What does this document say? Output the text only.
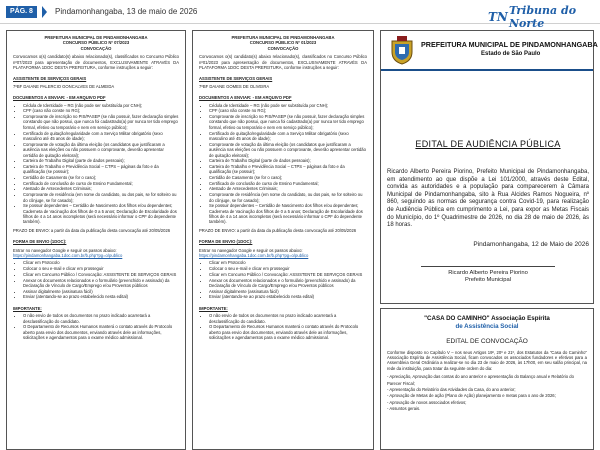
PÁG. 8	Pindamonhangaba, 13 de maio de 2026	TN Tribuna do Norte
PREFEITURA MUNICIPAL DE PINDAMONHANGABA
CONCURSO PÚBLICO Nº 07/2023
CONVOCAÇÃO
Convocamos o(s) candidato(s) abaixo relacionado(s), classificados no Concurso Público nº07/2023 para apresentação de documentos, EXCLUSIVAMENTE ATRAVÉS DA PLATAFORMA 1DOC DESTA PREFEITURA, conforme instruções a seguir:
ASSISTENTE DE SERVIÇOS GERAIS
7ºBF DAIANE PALERCIO GONCALVES DE ALMEIDA
DOCUMENTOS A ENVIAR: - EM ARQUIVO PDF
• Cédula de Identidade – RG (não pode ser substituída por CNH);
• CPF (caso não conste no RG);
• Comprovante de inscrição no PIS/PASEP (se não possuir, fazer declaração simples constando que não possui, que nunca foi cadastrado(a) por nunca ter tido emprego formal, efetivo ou temporário e nem em serviço público);
• Certificado de quitação/regularidade com a Serviço Militar obrigatório (sexo masculino até 45 anos de idade);
• Comprovante de votação da última eleição (os candidatos que justificaram a ausência nas eleições ou não possuem o comprovante, deverão apresentar certidão de quitação eleitoral);
• Carteira de Trabalho Digital (parte de dados pessoais);
• Carteira de Trabalho e Previdência Social – CTPS – páginas da foto e da qualificação (se possuir);
• Certidão de Casamento (se for o caso);
• Certificado de conclusão de curso de Ensino Fundamental;
• Atestado de Antecedentes Criminais;
• Comprovante de residência (em nome do candidato, ou dos pais, se for solteiro ou do cônjuge, se for casado);
• Se possuir dependentes – Certidão de Nascimento dos filhos e/ou dependentes; Caderneta de Vacinação dos filhos de 0 a 5 anos; Declaração de Escolaridade dos filhos de 4 a 14 anos incompletos (será necessário informar o CPF do dependente também).
PRAZO DE ENVIO: a partir da data da publicação desta convocação até 20/05/2026
FORMA DE ENVIO (1DOC):
Entrar no navegador Google e seguir os passos abaixo:
https://pindamonhangaba.1doc.com.br/b.php?pg=o/publico
• Clicar em Protocolo
• Colocar o seu e-mail e clicar em prosseguir
• Clicar em Concurso Público / Convocação: ASSISTENTE DE SERVIÇOS GERAIS
• Anexar os documentos relacionados e o formulário (preenchido e assinado) da Declaração de Vínculo de Cargo/Emprego e/ou Proventos públicos
• Assinar digitalmente (assinatura fácil)
• Enviar (atentando-se ao prazo estabelecido nesta edital)
IMPORTANTE:
• O não envio de todos os documentos no prazo indicado acarretará a desclassificação do candidato.
• O Departamento de Recursos Humanos manterá o contato através do Protocolo aberto para envio dos documentos, enviando através dele as informações, solicitações e agendamentos para o exame médico admissional.
PREFEITURA MUNICIPAL DE PINDAMONHANGABA
CONCURSO PÚBLICO Nº 01/2023
CONVOCAÇÃO
Convocamos o(s) candidato(s) abaixo relacionado(s), classificados no Concurso Público nº01/2023 para apresentação de documentos, EXCLUSIVAMENTE ATRAVÉS DA PLATAFORMA 1DOC DESTA PREFEITURA, conforme instruções a seguir:
ASSISTENTE DE SERVIÇOS GERAIS
7ºBF DAIANE GOMES DE OLIVEIRA
DOCUMENTOS A ENVIAR: - EM ARQUIVO PDF
• Cédula de Identidade – RG (não pode ser substituída por CNH);
• CPF (caso não conste no RG);
• Comprovante de inscrição no PIS/PASEP (se não possuir, fazer declaração simples constando que não possui, que nunca foi cadastrado(a) por nunca ter tido emprego formal, efetivo ou temporário e nem em serviço público);
• Certificado de quitação/regularidade com a Serviço Militar obrigatório (sexo masculino até 45 anos de idade);
• Comprovante de votação da última eleição (os candidatos que justificaram a ausência nas eleições ou não possuem o comprovante, deverão apresentar certidão de quitação eleitoral);
• Carteira de Trabalho Digital (parte de dados pessoais);
• Carteira de Trabalho e Previdência Social – CTPS – páginas da foto e da qualificação (se possuir);
• Certidão de Casamento (se for o caso);
• Certificado de conclusão de curso de Ensino Fundamental;
• Atestado de Antecedentes Criminais;
• Comprovante de residência (em nome do candidato, ou dos pais, se for solteiro ou do cônjuge, se for casado);
• Se possuir dependentes – Certidão de Nascimento dos filhos e/ou dependentes; Caderneta de Vacinação dos filhos de 0 a 5 anos; Declaração de Escolaridade dos filhos de 4 a 14 anos incompletos (será necessário informar o CPF do dependente também).
PRAZO DE ENVIO: a partir da data da publicação desta convocação até 20/05/2026
FORMA DE ENVIO (1DOC):
Entrar no navegador Google e seguir os passos abaixo:
https://pindamonhangaba.1doc.com.br/b.php?pg=o/publico
• Clicar em Protocolo
• Colocar o seu e-mail e clicar em prosseguir
• Clicar em Concurso Público / Convocação: ASSISTENTE DE SERVIÇOS GERAIS
• Anexar os documentos relacionados e o formulário (preenchido e assinado) da Declaração de Vínculo de Cargo/Emprego e/ou Proventos públicos
• Assinar digitalmente (assinatura fácil)
• Enviar (atentando-se ao prazo estabelecido nesta edital)
IMPORTANTE:
• O não envio de todos os documentos no prazo indicado acarretará a desclassificação do candidato.
• O Departamento de Recursos Humanos manterá o contato através do Protocolo aberto para envio dos documentos, enviando através dele as informações, solicitações e agendamentos para o exame médico admissional.
PREFEITURA MUNICIPAL DE PINDAMONHANGABA
Estado de São Paulo
EDITAL DE AUDIÊNCIA PÚBLICA
Ricardo Alberto Pereira Piorino, Prefeito Municipal de Pindamonhangaba, em atendimento ao que dispõe a Lei 101/2000, através deste Edital, convida as autoridades e a população para comparecerem à Câmara Municipal de Pindamonhangaba, sito à Rua Alcides Ramos Nogueira, nº 860, seguindo as normas de segurança contra Covid-19, para realização de Audiência Pública em cumprimento a Lei, para expor as Metas Fiscais do Município, do 1º Quadrimestre de 2026, no dia 28 de maio de 2026, às 18 horas.
Pindamonhangaba, 12 de Maio de 2026
Ricardo Alberto Pereira Piorino
Prefeito Municipal
"CASA DO CAMINHO" Associação Espírita
de Assistência Social
EDITAL DE CONVOCAÇÃO
Conforme disposto no Capítulo V – nos seus Artigos 19º, 20º e 21º, dos Estatutos da "Casa do Caminho" Associação Espírita de Assistência Social, ficam convocados os associados fundadores e efetivos para a Assembleia Geral Ordinária a realizar-se no dia 23 de maio de 2026, às 17h00, em seu salão principal, na rede da instituição, para tratar da seguinte ordem do dia:
- Apreciação, Aprovação das contas do ano anterior e apresentação do Balanço anual e Relatório do Parecer Fiscal;
- Apresentação do Relatório das Atividades da Casa, do ano anterior;
- Aprovação de Metas de ação (Plano de Ação) planejamento e metas para o ano de 2026;
- Aprovação de novos associados efetivos;
- Assuntos gerais.
